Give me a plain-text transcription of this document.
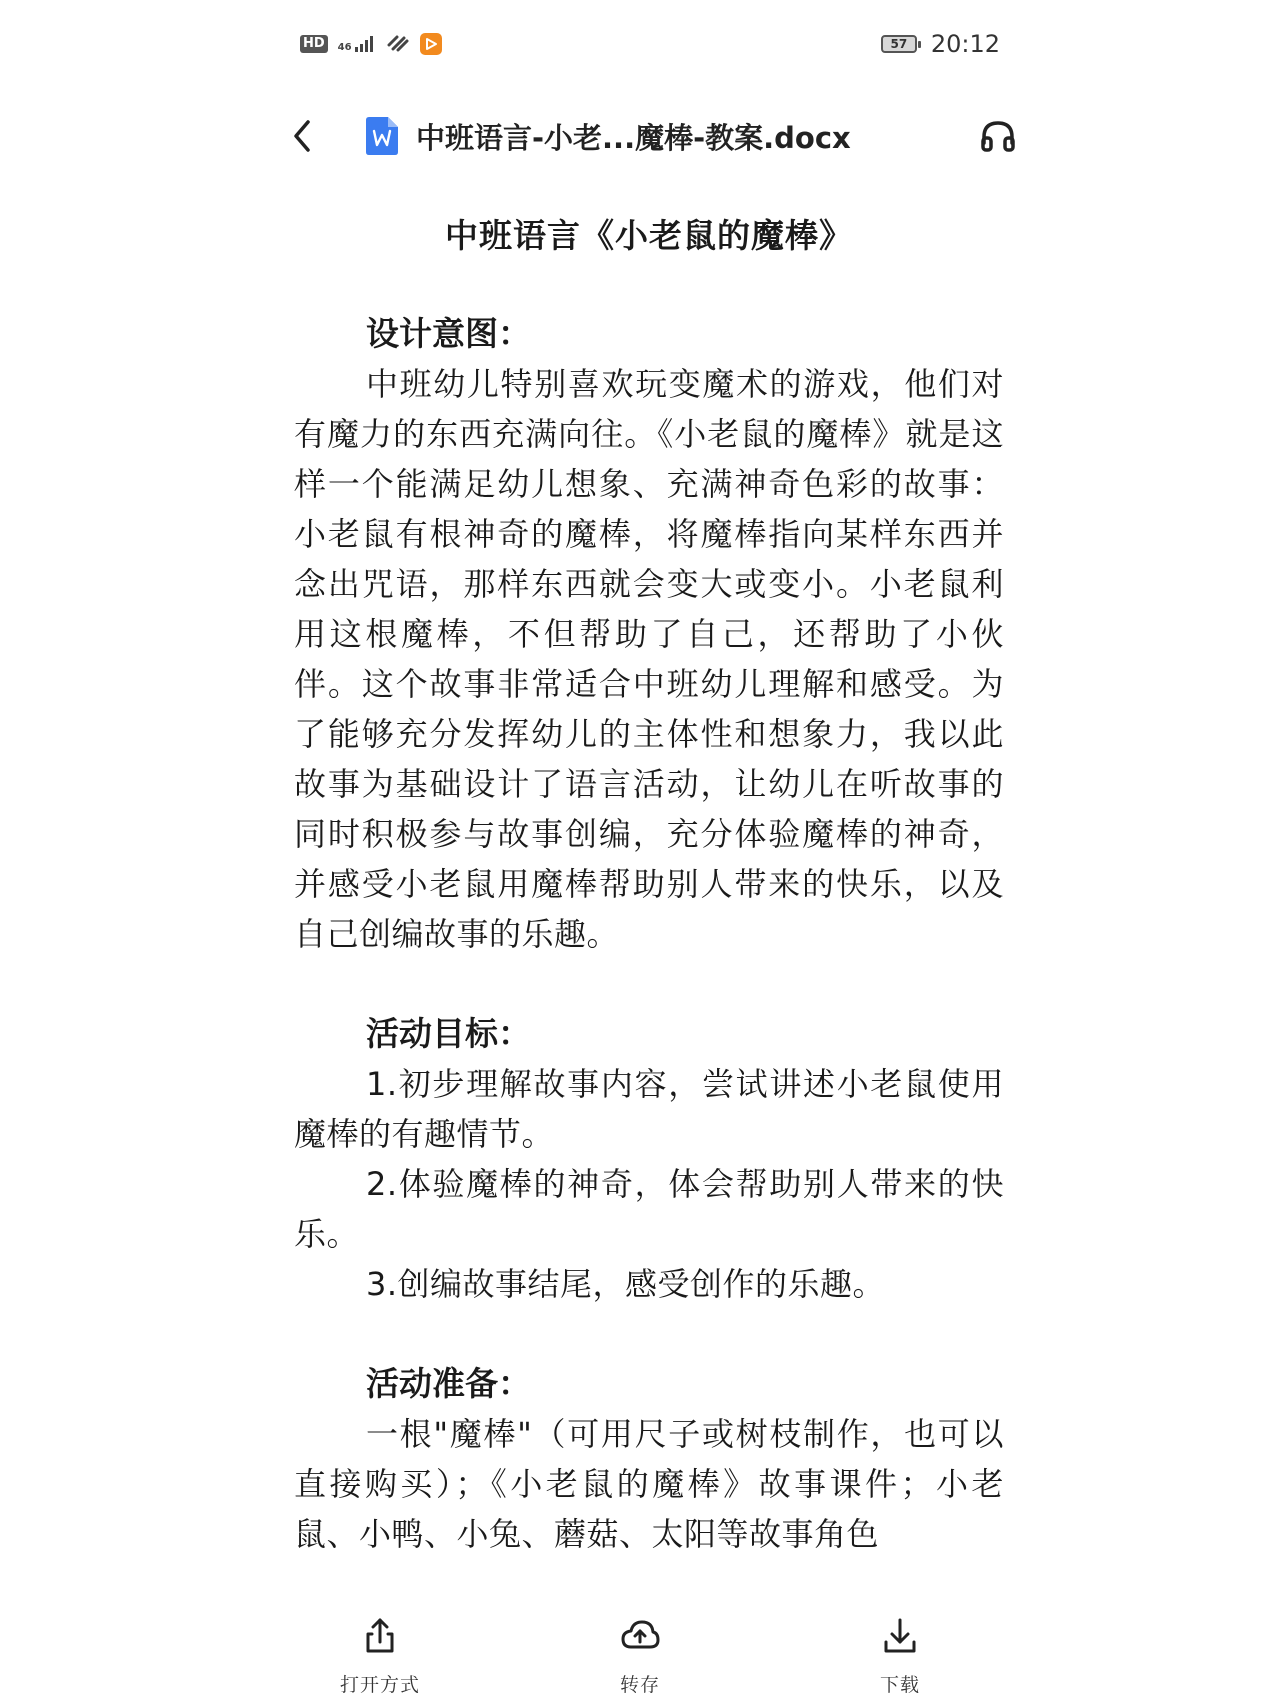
HD	46	57 20:12
中班语言-小老...魔棒-教案.docx

中班语言《小老鼠的魔棒》

设计意图：

中班幼儿特别喜欢玩变魔术的游戏，他们对有魔力的东西充满向往。《小老鼠的魔棒》就是这样一个能满足幼儿想象、充满神奇色彩的故事：小老鼠有根神奇的魔棒，将魔棒指向某样东西并念出咒语，那样东西就会变大或变小。小老鼠利用这根魔棒，不但帮助了自己，还帮助了小伙伴。这个故事非常适合中班幼儿理解和感受。为了能够充分发挥幼儿的主体性和想象力，我以此故事为基础设计了语言活动，让幼儿在听故事的同时积极参与故事创编，充分体验魔棒的神奇，并感受小老鼠用魔棒帮助别人带来的快乐，以及自己创编故事的乐趣。

活动目标：

1.初步理解故事内容，尝试讲述小老鼠使用魔棒的有趣情节。

2.体验魔棒的神奇，体会帮助别人带来的快乐。

3.创编故事结尾，感受创作的乐趣。

活动准备：

一根"魔棒"（可用尺子或树枝制作，也可以直接购买）；《小老鼠的魔棒》故事课件；小老鼠、小鸭、小兔、蘑菇、太阳等故事角色

打开方式	转存	下载
